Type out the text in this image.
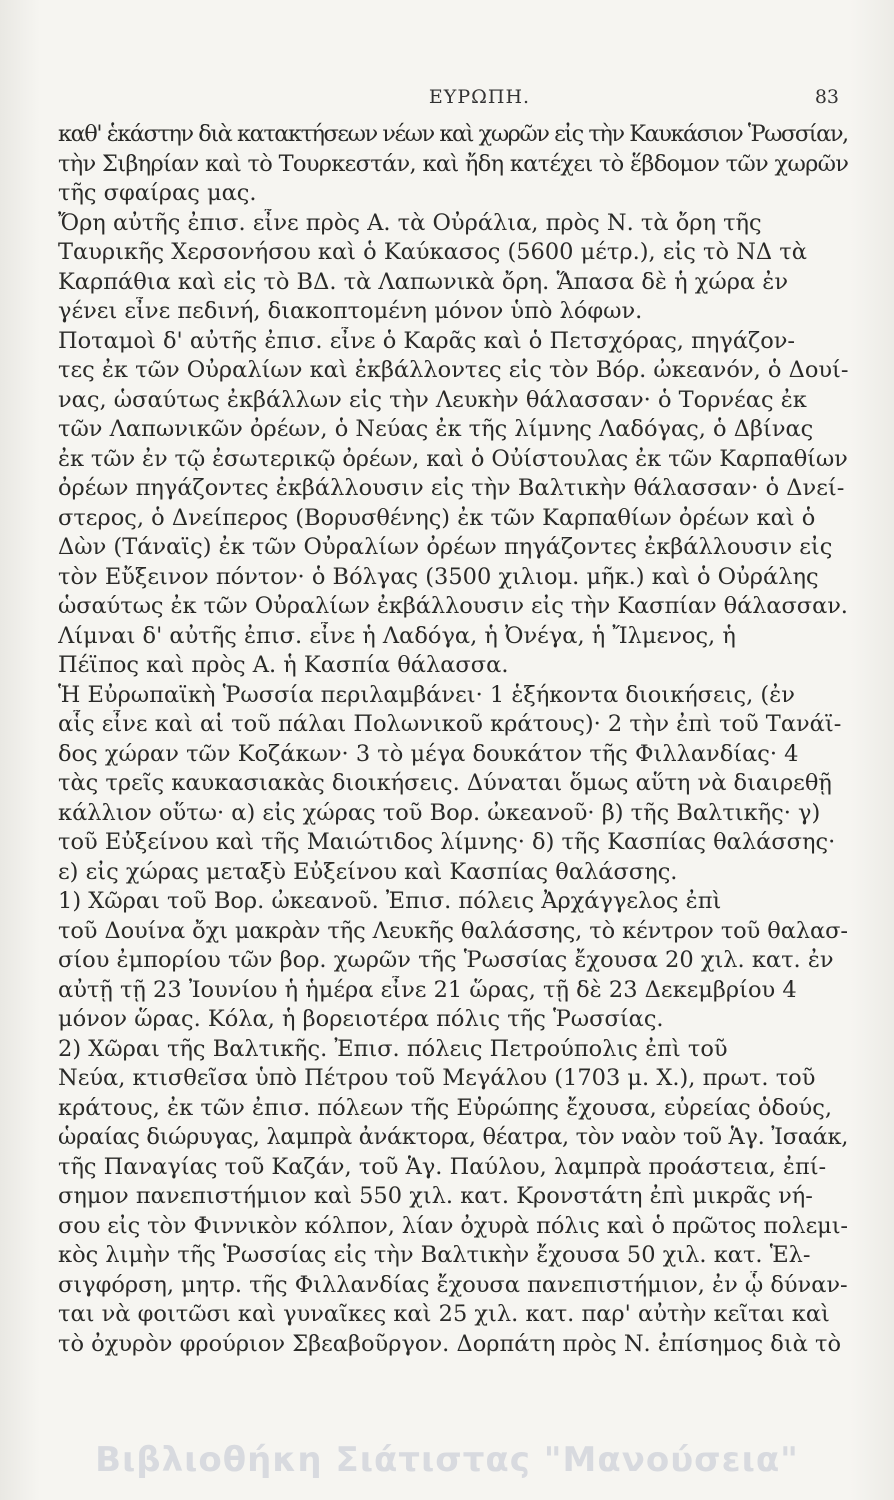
ΕΥΡΩΠΗ.	83
καθ' ἑκάστην διὰ κατακτήσεων νέων καὶ χωρῶν εἰς τὴν Καυκάσιον Ῥωσσίαν,
τὴν Σιβηρίαν καὶ τὸ Τουρκεστάν, καὶ ἤδη κατέχει τὸ ἕβδομον τῶν χωρῶν
τῆς σφαίρας μας.
Ὄρη αὐτῆς ἐπισ. εἶνε πρὸς Α. τὰ Οὐράλια, πρὸς Ν. τὰ ὄρη τῆς
Ταυρικῆς Χερσονήσου καὶ ὁ Καύκασος (5600 μέτρ.), εἰς τὸ ΝΔ τὰ
Καρπάθια καὶ εἰς τὸ ΒΔ. τὰ Λαπωνικὰ ὄρη. Ἅπασα δὲ ἡ χώρα ἐν
γένει εἶνε πεδινή, διακοπτομένη μόνον ὑπὸ λόφων.
Ποταμοὶ δ' αὐτῆς ἐπισ. εἶνε ὁ Καρᾶς καὶ ὁ Πετσχόρας, πηγάζον-
τες ἐκ τῶν Οὐραλίων καὶ ἐκβάλλοντες εἰς τὸν Βόρ. ὠκεανόν, ὁ Δουί-
νας, ὡσαύτως ἐκβάλλων εἰς τὴν Λευκὴν θάλασσαν· ὁ Τορνέας ἐκ
τῶν Λαπωνικῶν ὀρέων, ὁ Νεύας ἐκ τῆς λίμνης Λαδόγας, ὁ Δβίνας
ἐκ τῶν ἐν τῷ ἐσωτερικῷ ὀρέων, καὶ ὁ Οὐίστουλας ἐκ τῶν Καρπαθίων
ὀρέων πηγάζοντες ἐκβάλλουσιν εἰς τὴν Βαλτικὴν θάλασσαν· ὁ Δνεί-
στερος, ὁ Δνείπερος (Βορυσθένης) ἐκ τῶν Καρπαθίων ὀρέων καὶ ὁ
Δὼν (Τάναϊς) ἐκ τῶν Οὐραλίων ὀρέων πηγάζοντες ἐκβάλλουσιν εἰς
τὸν Εὔξεινον πόντον· ὁ Βόλγας (3500 χιλιομ. μῆκ.) καὶ ὁ Οὐράλης
ὡσαύτως ἐκ τῶν Οὐραλίων ἐκβάλλουσιν εἰς τὴν Κασπίαν θάλασσαν.
Λίμναι δ' αὐτῆς ἐπισ. εἶνε ἡ Λαδόγα, ἡ Ὀνέγα, ἡ Ἴλμενος, ἡ
Πέϊπος καὶ πρὸς Α. ἡ Κασπία θάλασσα.
Ἡ Εὐρωπαϊκὴ Ῥωσσία περιλαμβάνει· 1 ἑξήκοντα διοικήσεις, (ἐν
αἷς εἶνε καὶ αἱ τοῦ πάλαι Πολωνικοῦ κράτους)· 2 τὴν ἐπὶ τοῦ Τανάϊ-
δος χώραν τῶν Κοζάκων· 3 τὸ μέγα δουκάτον τῆς Φιλλανδίας· 4
τὰς τρεῖς καυκασιακὰς διοικήσεις. Δύναται ὅμως αὕτη νὰ διαιρεθῇ
κάλλιον οὕτω· α) εἰς χώρας τοῦ Βορ. ὠκεανοῦ· β) τῆς Βαλτικῆς· γ)
τοῦ Εὐξείνου καὶ τῆς Μαιώτιδος λίμνης· δ) τῆς Κασπίας θαλάσσης·
ε) εἰς χώρας μεταξὺ Εὐξείνου καὶ Κασπίας θαλάσσης.
1) Χῶραι τοῦ Βορ. ὠκεανοῦ. Ἐπισ. πόλεις Ἀρχάγγελος ἐπὶ
τοῦ Δουίνα ὄχι μακρὰν τῆς Λευκῆς θαλάσσης, τὸ κέντρον τοῦ θαλασ-
σίου ἐμπορίου τῶν βορ. χωρῶν τῆς Ῥωσσίας ἔχουσα 20 χιλ. κατ. ἐν
αὐτῇ τῇ 23 Ἰουνίου ἡ ἡμέρα εἶνε 21 ὥρας, τῇ δὲ 23 Δεκεμβρίου 4
μόνον ὥρας. Κόλα, ἡ βορειοτέρα πόλις τῆς Ῥωσσίας.
2) Χῶραι τῆς Βαλτικῆς. Ἐπισ. πόλεις Πετρούπολις ἐπὶ τοῦ
Νεύα, κτισθεῖσα ὑπὸ Πέτρου τοῦ Μεγάλου (1703 μ. Χ.), πρωτ. τοῦ
κράτους, ἐκ τῶν ἐπισ. πόλεων τῆς Εὐρώπης ἔχουσα, εὐρείας ὁδούς,
ὡραίας διώρυγας, λαμπρὰ ἀνάκτορα, θέατρα, τὸν ναὸν τοῦ Ἁγ. Ἰσαάκ,
τῆς Παναγίας τοῦ Καζάν, τοῦ Ἁγ. Παύλου, λαμπρὰ προάστεια, ἐπί-
σημον πανεπιστήμιον καὶ 550 χιλ. κατ. Κρονστάτη ἐπὶ μικρᾶς νή-
σου εἰς τὸν Φιννικὸν κόλπον, λίαν ὀχυρὰ πόλις καὶ ὁ πρῶτος πολεμι-
κὸς λιμὴν τῆς Ῥωσσίας εἰς τὴν Βαλτικὴν ἔχουσα 50 χιλ. κατ. Ἑλ-
σιγφόρση, μητρ. τῆς Φιλλανδίας ἔχουσα πανεπιστήμιον, ἐν ᾧ δύναν-
ται νὰ φοιτῶσι καὶ γυναῖκες καὶ 25 χιλ. κατ. παρ' αὐτὴν κεῖται καὶ
τὸ ὀχυρὸν φρούριον Σβεαβοῦργον. Δορπάτη πρὸς Ν. ἐπίσημος διὰ τὸ
Βιβλιοθήκη Σιάτιστας "Μανούσεια"
